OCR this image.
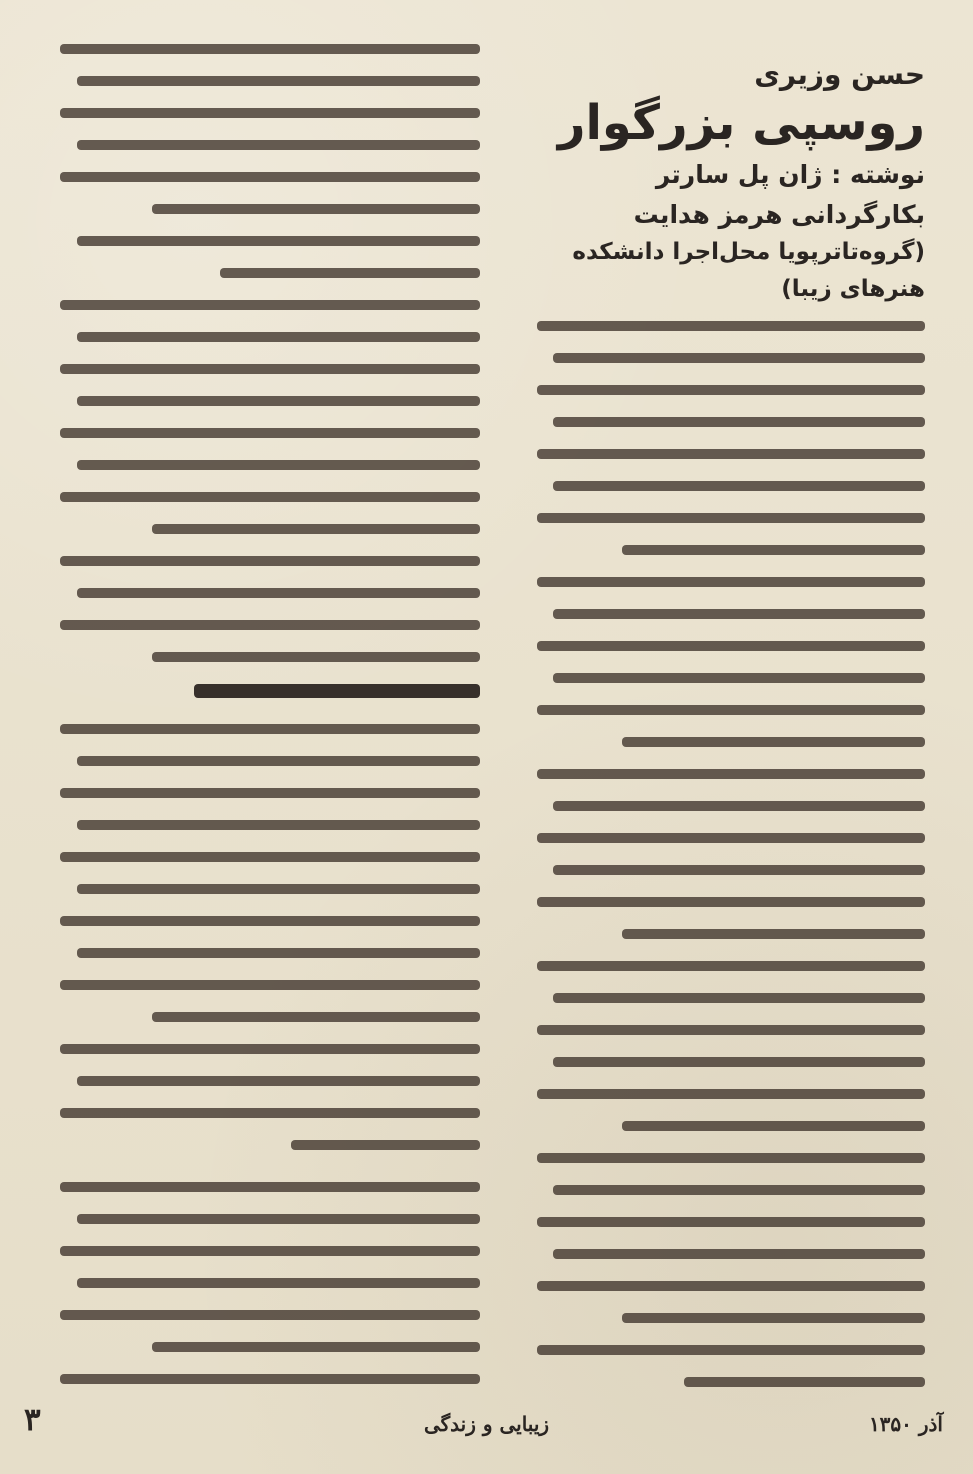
حسن وزیری
روسپی بزرگوار
نوشته : ژان پل سارتر
بکارگردانی هرمز هدایت
(گروه‌تاترپویا محل‌اجرا دانشکده
هنرهای زیبا)
۳	زیبایی و زندگی	آذر ۱۳۵۰
